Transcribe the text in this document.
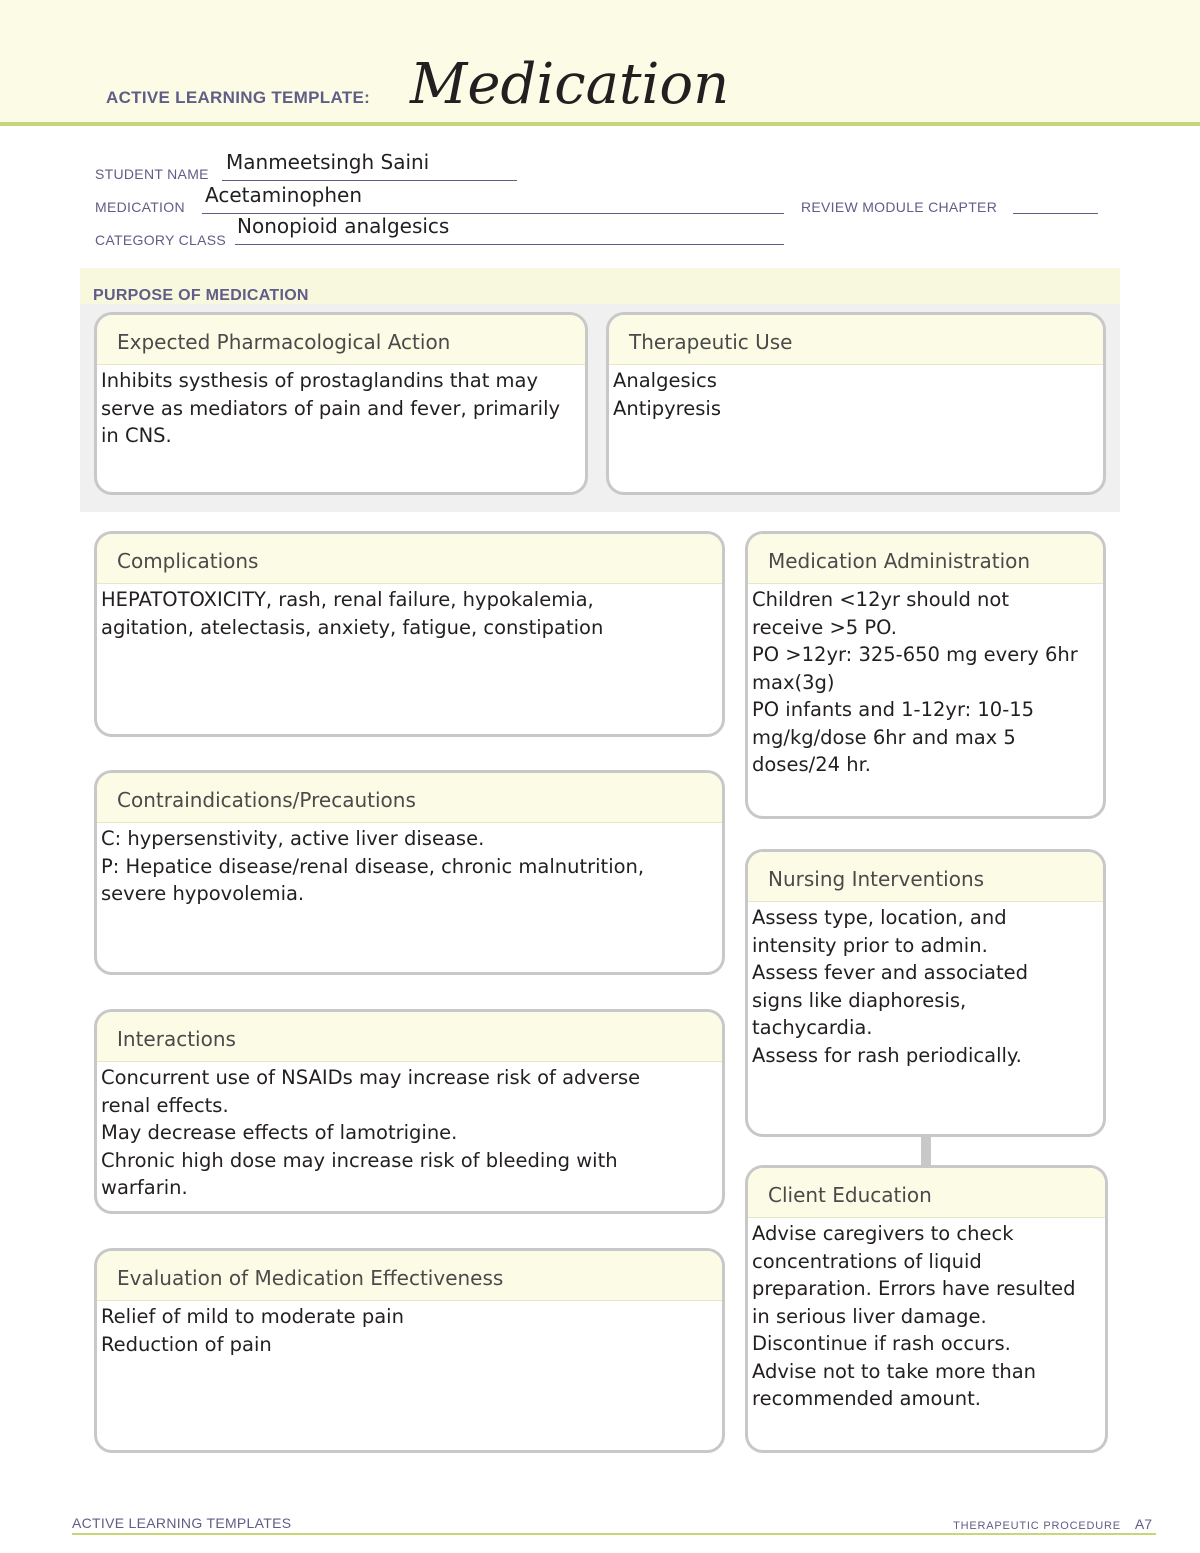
ACTIVE LEARNING TEMPLATE: Medication
STUDENT NAME Manmeetsingh Saini
MEDICATION Acetaminophen	REVIEW MODULE CHAPTER
CATEGORY CLASS
Nonopioid analgesics
PURPOSE OF MEDICATION
Expected Pharmacological Action
Inhibits systhesis of prostaglandins that may
serve as mediators of pain and fever, primarily
in CNS.
Therapeutic Use
Analgesics
Antipyresis
Complications
HEPATOTOXICITY, rash, renal failure, hypokalemia,
agitation, atelectasis, anxiety, fatigue, constipation
Medication Administration
Children <12yr should not
receive >5 PO.
PO >12yr: 325-650 mg every 6hr
max(3g)
PO infants and 1-12yr: 10-15
mg/kg/dose 6hr and max 5
doses/24 hr.
Contraindications/Precautions
C: hypersenstivity, active liver disease.
P: Hepatice disease/renal disease, chronic malnutrition,
severe hypovolemia.
Nursing Interventions
Assess type, location, and
intensity prior to admin.
Assess fever and associated
signs like diaphoresis,
tachycardia.
Assess for rash periodically.
Interactions
Concurrent use of NSAIDs may increase risk of adverse
renal effects.
May decrease effects of lamotrigine.
Chronic high dose may increase risk of bleeding with
warfarin.	Client Education
Advise caregivers to check
concentrations of liquid
preparation. Errors have resulted
in serious liver damage.
Discontinue if rash occurs.
Advise not to take more than
recommended amount.
Evaluation of Medication Effectiveness
Relief of mild to moderate pain
Reduction of pain
ACTIVE LEARNING TEMPLATES	THERAPEUTIC PROCEDURE A7
